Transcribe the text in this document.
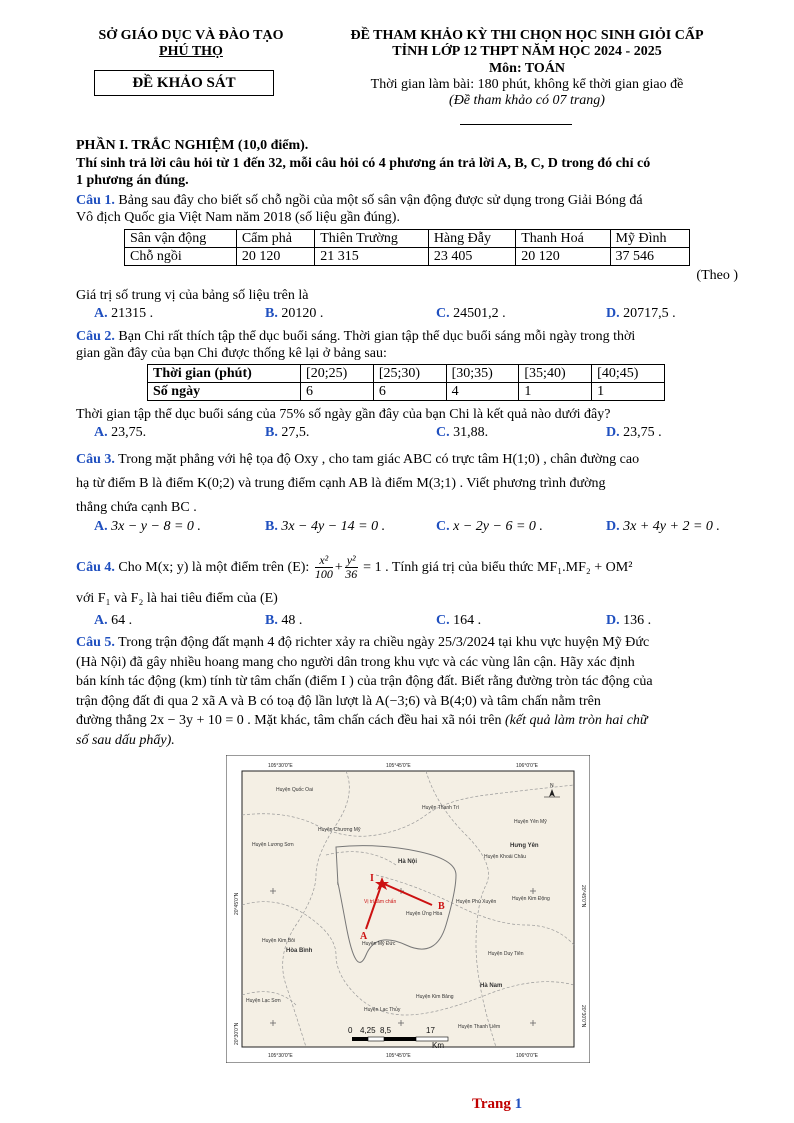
SỞ GIÁO DỤC VÀ ĐÀO TẠO
PHÚ THỌ
ĐỀ KHẢO SÁT
ĐỀ THAM KHẢO KỲ THI CHỌN HỌC SINH GIỎI CẤP
TỈNH LỚP 12 THPT NĂM HỌC 2024 - 2025
Môn: TOÁN
Thời gian làm bài: 180 phút, không kể thời gian giao đề
(Đề tham khảo có 07 trang)
PHẦN I. TRẮC NGHIỆM (10,0 điểm).
Thí sinh trả lời câu hỏi từ 1 đến 32, mỗi câu hỏi có 4 phương án trả lời A, B, C, D trong đó chỉ có
1 phương án đúng.
Câu 1. Bảng sau đây cho biết số chỗ ngồi của một số sân vận động được sử dụng trong Giải Bóng đá
Vô địch Quốc gia Việt Nam năm 2018 (số liệu gần đúng).
Sân vận động	Cẩm phả	Thiên Trường	Hàng Đẫy	Thanh Hoá	Mỹ Đình
Chỗ ngồi	20 120	21 315	23 405	20 120	37 546
(Theo )
Giá trị số trung vị của bảng số liệu trên là
A. 21315 .	B. 20120 .	C. 24501,2 .	D. 20717,5 .
Câu 2. Bạn Chi rất thích tập thể dục buổi sáng. Thời gian tập thể dục buổi sáng mỗi ngày trong thời
gian gần đây của bạn Chi được thống kê lại ở bảng sau:
Thời gian (phút)	[20;25)	[25;30)	[30;35)	[35;40)	[40;45)
Số ngày	6	6	4	1	1
Thời gian tập thể dục buổi sáng của 75% số ngày gần đây của bạn Chi là kết quả nào dưới đây?
A. 23,75.	B. 27,5.	C. 31,88.	D. 23,75 .
Câu 3. Trong mặt phẳng với hệ tọa độ Oxy , cho tam giác ABC có trực tâm H(1;0) , chân đường cao
hạ từ điểm B là điểm K(0;2) và trung điểm cạnh AB là điểm M(3;1) . Viết phương trình đường
thẳng chứa cạnh BC .
A. 3x − y − 8 = 0 .	B. 3x − 4y − 14 = 0 .	C. x − 2y − 6 = 0 .	D. 3x + 4y + 2 = 0 .
Câu 4. Cho M(x; y) là một điểm trên (E): $\frac{\text{x²}}{100} + \frac{\text{y²}}{36} = 1$ . Tính giá trị của biểu thức MF₁.MF₂ + OM²
với F₁ và F₂ là hai tiêu điểm của (E)
A. 64 .	B. 48 .	C. 164 .	D. 136 .
Câu 5. Trong trận động đất mạnh 4 độ richter xảy ra chiều ngày 25/3/2024 tại khu vực huyện Mỹ Đức
(Hà Nội) đã gây nhiều hoang mang cho người dân trong khu vực và các vùng lân cận. Hãy xác định
bán kính tác động (km) tính từ tâm chấn (điểm I ) của trận động đất. Biết rằng đường tròn tác động của
trận động đất đi qua 2 xã A và B có toạ độ lần lượt là A(−3;6) và B(4;0) và tâm chấn nằm trên
đường thẳng 2x − 3y + 10 = 0 . Mặt khác, tâm chấn cách đều hai xã nói trên (kết quả làm tròn hai chữ
số sau dấu phẩy).
105°30'0"E	105°45'0"E	106°0'0"E
105°30'0"E	105°45'0"E	106°0'0"E
20°45'0"N
20°30'0"N
20°45'0"N
20°30'0"N
Huyện Quốc Oai
Huyện Thanh Trì
Huyện Yên Mỹ
Huyện Chương Mỹ
Huyện Lương Sơn	Hưng Yên
Huyện Khoái Châu
Hà Nội
Vị trí tâm chấn	Huyện Phú Xuyên	Huyện Kim Động
Huyện Ứng Hòa
Huyện Kim Bôi
Hòa Bình
Huyện Mỹ Đức
Huyện Duy Tiên
Hà Nam
Huyện Kim Bảng
Huyện Lạc Sơn
Huyện Lạc Thủy
Huyện Thanh Liêm
N
I
A
B
0 4,25 8,5	17
Km
Trang 1
